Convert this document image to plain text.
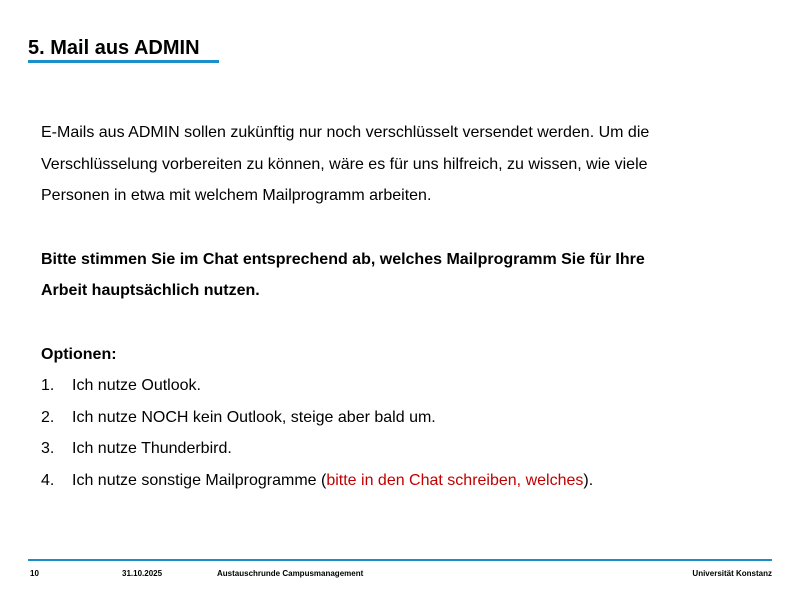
5. Mail aus ADMIN

E-Mails aus ADMIN sollen zukünftig nur noch verschlüsselt versendet werden. Um die

Verschlüsselung vorbereiten zu können, wäre es für uns hilfreich, zu wissen, wie viele

Personen in etwa mit welchem Mailprogramm arbeiten.

Bitte stimmen Sie im Chat entsprechend ab, welches Mailprogramm Sie für Ihre

Arbeit hauptsächlich nutzen.

Optionen:

1. Ich nutze Outlook.
2. Ich nutze NOCH kein Outlook, steige aber bald um.
3. Ich nutze Thunderbird.
4. Ich nutze sonstige Mailprogramme (bitte in den Chat schreiben, welches).
10	31.10.2025	Austauschrunde Campusmanagement	Universität Konstanz
